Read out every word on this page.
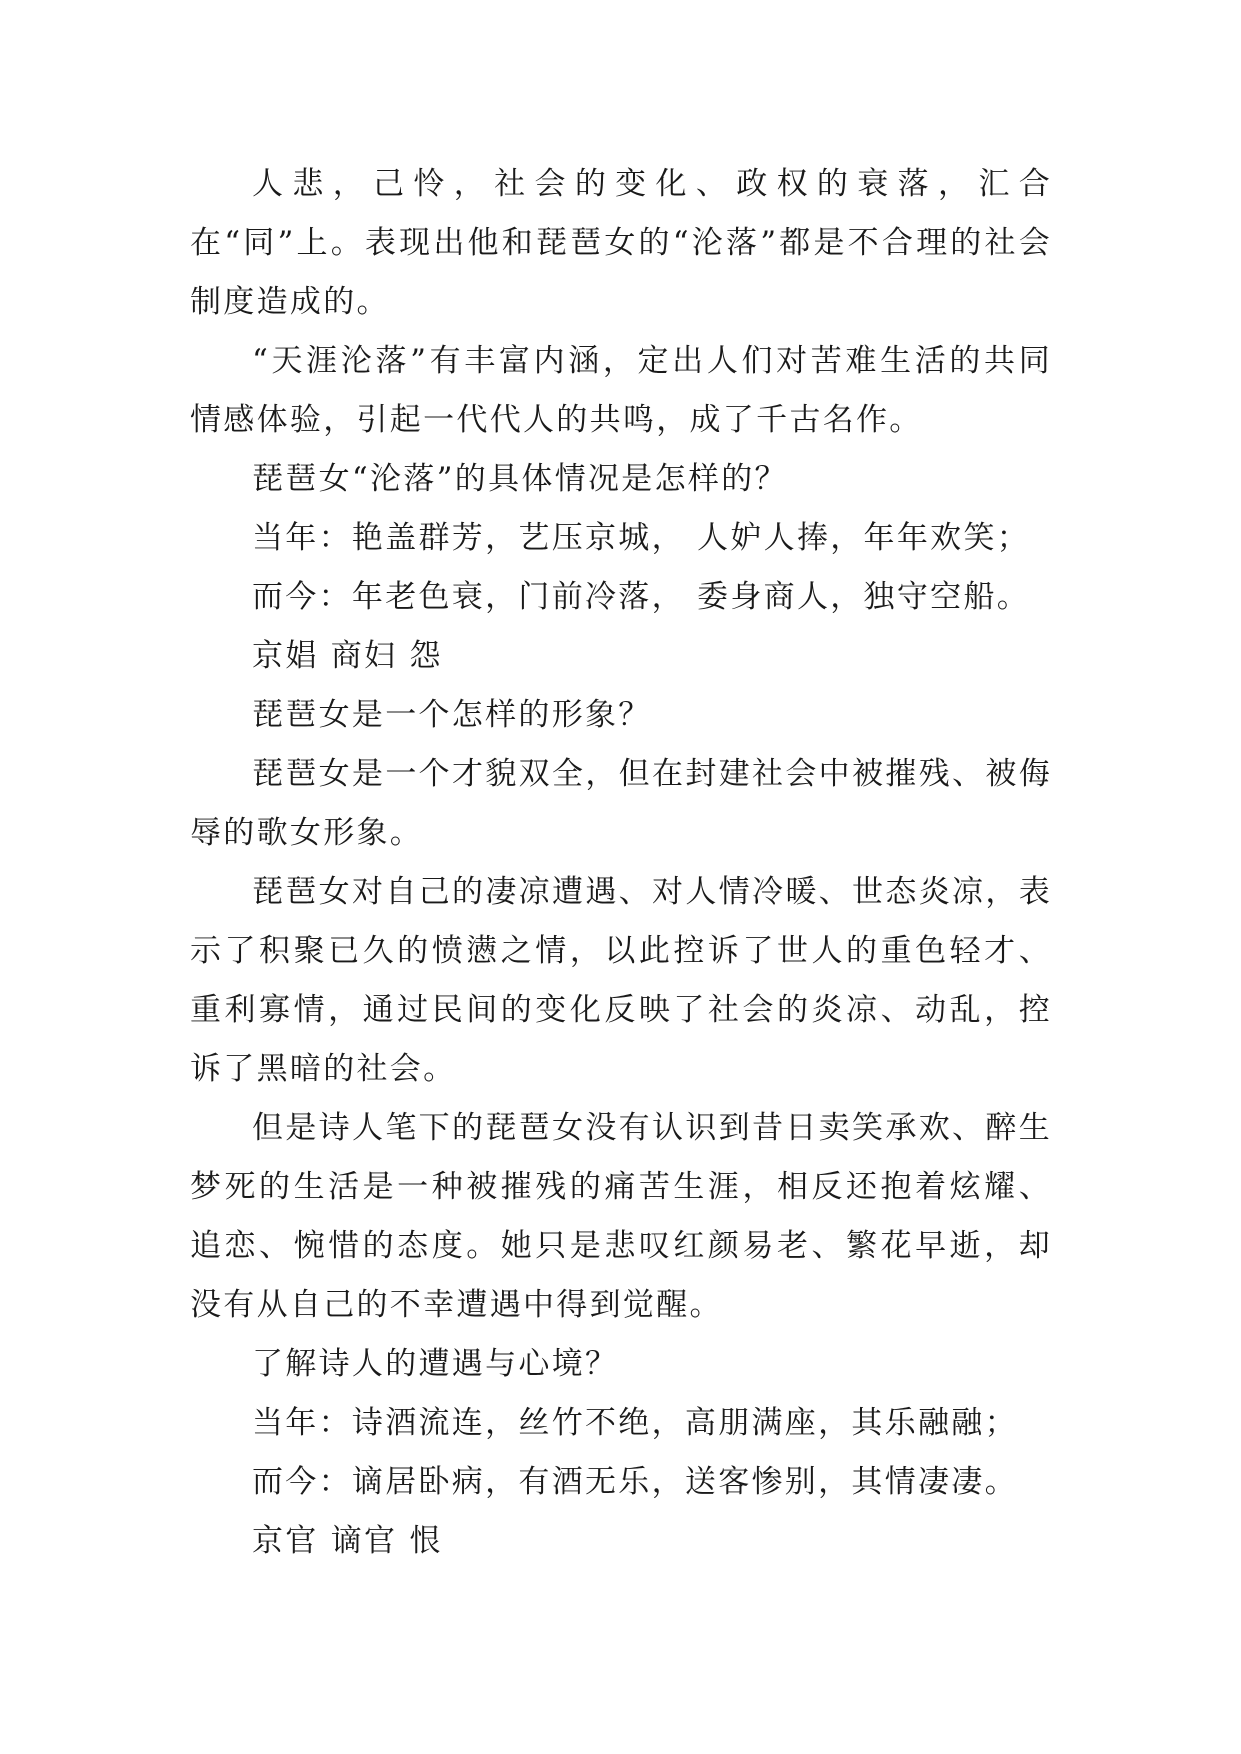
人悲，己怜，社会的变化、政权的衰落，汇合在“同”上。表现出他和琵琶女的“沦落”都是不合理的社会制度造成的。

“天涯沦落”有丰富内涵，定出人们对苦难生活的共同情感体验，引起一代代人的共鸣，成了千古名作。

琵琶女“沦落”的具体情况是怎样的？

当年：艳盖群芳，艺压京城， 人妒人捧，年年欢笑；

而今：年老色衰，门前冷落， 委身商人，独守空船。

京娼 商妇 怨

琵琶女是一个怎样的形象？

琵琶女是一个才貌双全，但在封建社会中被摧残、被侮辱的歌女形象。

琵琶女对自己的凄凉遭遇、对人情冷暖、世态炎凉，表示了积聚已久的愤懑之情，以此控诉了世人的重色轻才、重利寡情，通过民间的变化反映了社会的炎凉、动乱，控诉了黑暗的社会。

但是诗人笔下的琵琶女没有认识到昔日卖笑承欢、醉生梦死的生活是一种被摧残的痛苦生涯，相反还抱着炫耀、追恋、惋惜的态度。她只是悲叹红颜易老、繁花早逝，却没有从自己的不幸遭遇中得到觉醒。

了解诗人的遭遇与心境？

当年：诗酒流连，丝竹不绝，高朋满座，其乐融融；

而今：谪居卧病，有酒无乐，送客惨别，其情凄凄。

京官 谪官 恨
